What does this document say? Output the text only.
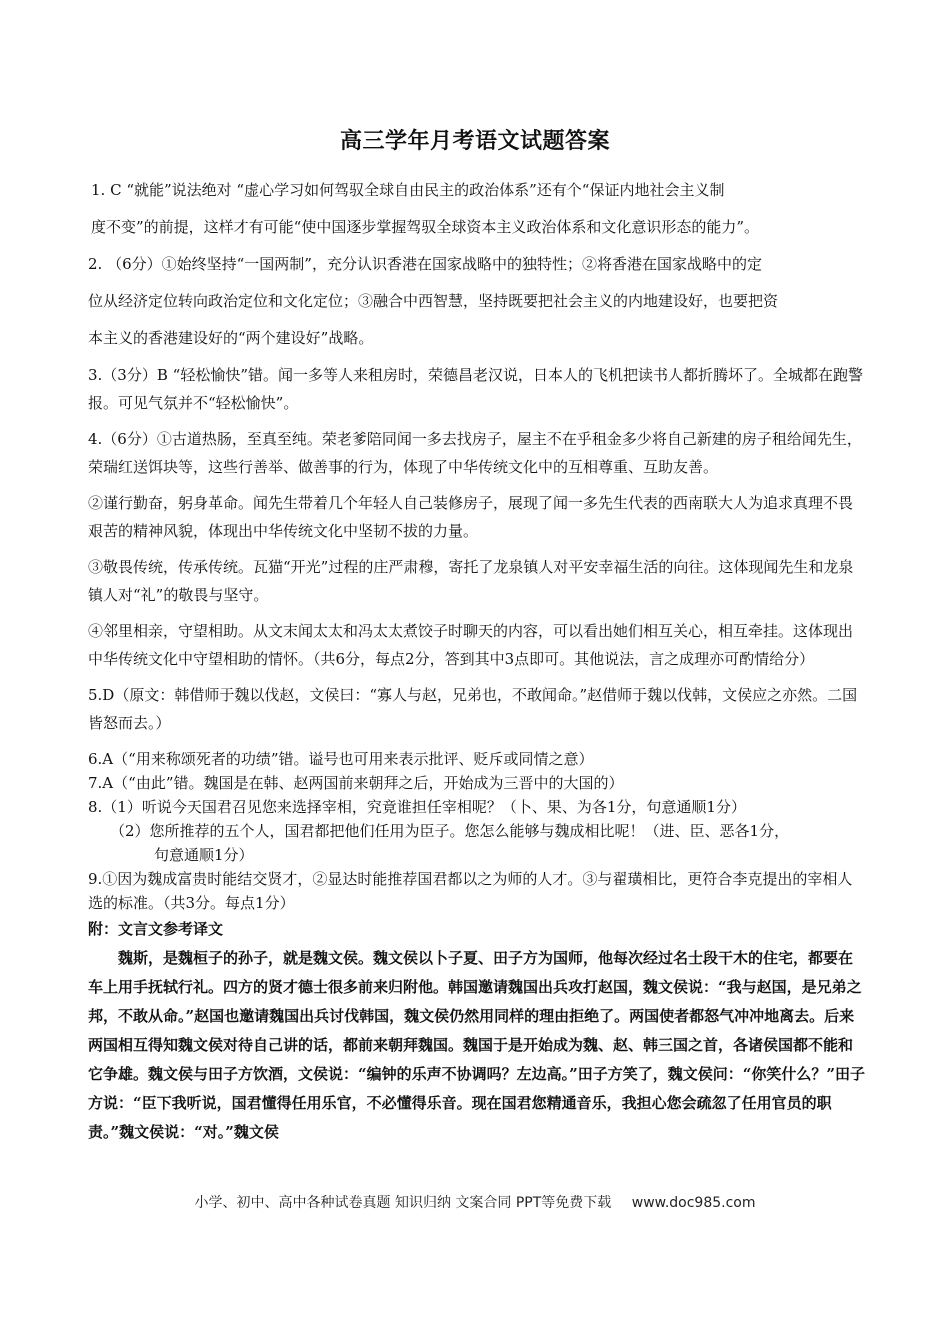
高三学年月考语文试题答案

1. C “就能”说法绝对 “虚心学习如何驾驭全球自由民主的政治体系”还有个“保证内地社会主义制

度不变”的前提，这样才有可能“使中国逐步掌握驾驭全球资本主义政治体系和文化意识形态的能力”。

2. （6分）①始终坚持“一国两制”，充分认识香港在国家战略中的独特性；②将香港在国家战略中的定

位从经济定位转向政治定位和文化定位；③融合中西智慧，坚持既要把社会主义的内地建设好，也要把资

本主义的香港建设好的“两个建设好”战略。

3.（3分）B “轻松愉快”错。闻一多等人来租房时，荣德昌老汉说，日本人的飞机把读书人都折腾坏了。全城都在跑警报。可见气氛并不“轻松愉快”。

4.（6分）①古道热肠，至真至纯。荣老爹陪同闻一多去找房子，屋主不在乎租金多少将自己新建的房子租给闻先生，荣瑞红送饵块等，这些行善举、做善事的行为，体现了中华传统文化中的互相尊重、互助友善。

②谨行勤奋，躬身革命。闻先生带着几个年轻人自己装修房子，展现了闻一多先生代表的西南联大人为追求真理不畏艰苦的精神风貌，体现出中华传统文化中坚韧不拔的力量。

③敬畏传统，传承传统。瓦猫“开光”过程的庄严肃穆，寄托了龙泉镇人对平安幸福生活的向往。这体现闻先生和龙泉镇人对“礼”的敬畏与坚守。

④邻里相亲，守望相助。从文末闻太太和冯太太煮饺子时聊天的内容，可以看出她们相互关心，相互牵挂。这体现出中华传统文化中守望相助的情怀。（共6分，每点2分，答到其中3点即可。其他说法，言之成理亦可酌情给分）

5.D（原文：韩借师于魏以伐赵，文侯曰：“寡人与赵，兄弟也，不敢闻命。”赵借师于魏以伐韩，文侯应之亦然。二国皆怒而去。）

6.A（“用来称颂死者的功绩”错。谥号也可用来表示批评、贬斥或同情之意）

7.A（“由此”错。魏国是在韩、赵两国前来朝拜之后，开始成为三晋中的大国的）

8.（1）听说今天国君召见您来选择宰相，究竟谁担任宰相呢？（卜、果、为各1分，句意通顺1分）

（2）您所推荐的五个人，国君都把他们任用为臣子。您怎么能够与魏成相比呢！（进、臣、恶各1分，

句意通顺1分）

9.①因为魏成富贵时能结交贤才，②显达时能推荐国君都以之为师的人才。③与翟璜相比，更符合李克提出的宰相人选的标准。（共3分。每点1分）

附：文言文参考译文

魏斯，是魏桓子的孙子，就是魏文侯。魏文侯以卜子夏、田子方为国师，他每次经过名士段干木的住宅，都要在车上用手抚轼行礼。四方的贤才德士很多前来归附他。韩国邀请魏国出兵攻打赵国，魏文侯说：“我与赵国，是兄弟之邦，不敢从命。”赵国也邀请魏国出兵讨伐韩国，魏文侯仍然用同样的理由拒绝了。两国使者都怒气冲冲地离去。后来两国相互得知魏文侯对待自己讲的话，都前来朝拜魏国。魏国于是开始成为魏、赵、韩三国之首，各诸侯国都不能和它争雄。魏文侯与田子方饮酒，文侯说：“编钟的乐声不协调吗？左边高。”田子方笑了，魏文侯问：“你笑什么？”田子方说：“臣下我听说，国君懂得任用乐官，不必懂得乐音。现在国君您精通音乐，我担心您会疏忽了任用官员的职责。”魏文侯说：“对。”魏文侯

小学、初中、高中各种试卷真题 知识归纳 文案合同 PPT等免费下载 www.doc985.com
